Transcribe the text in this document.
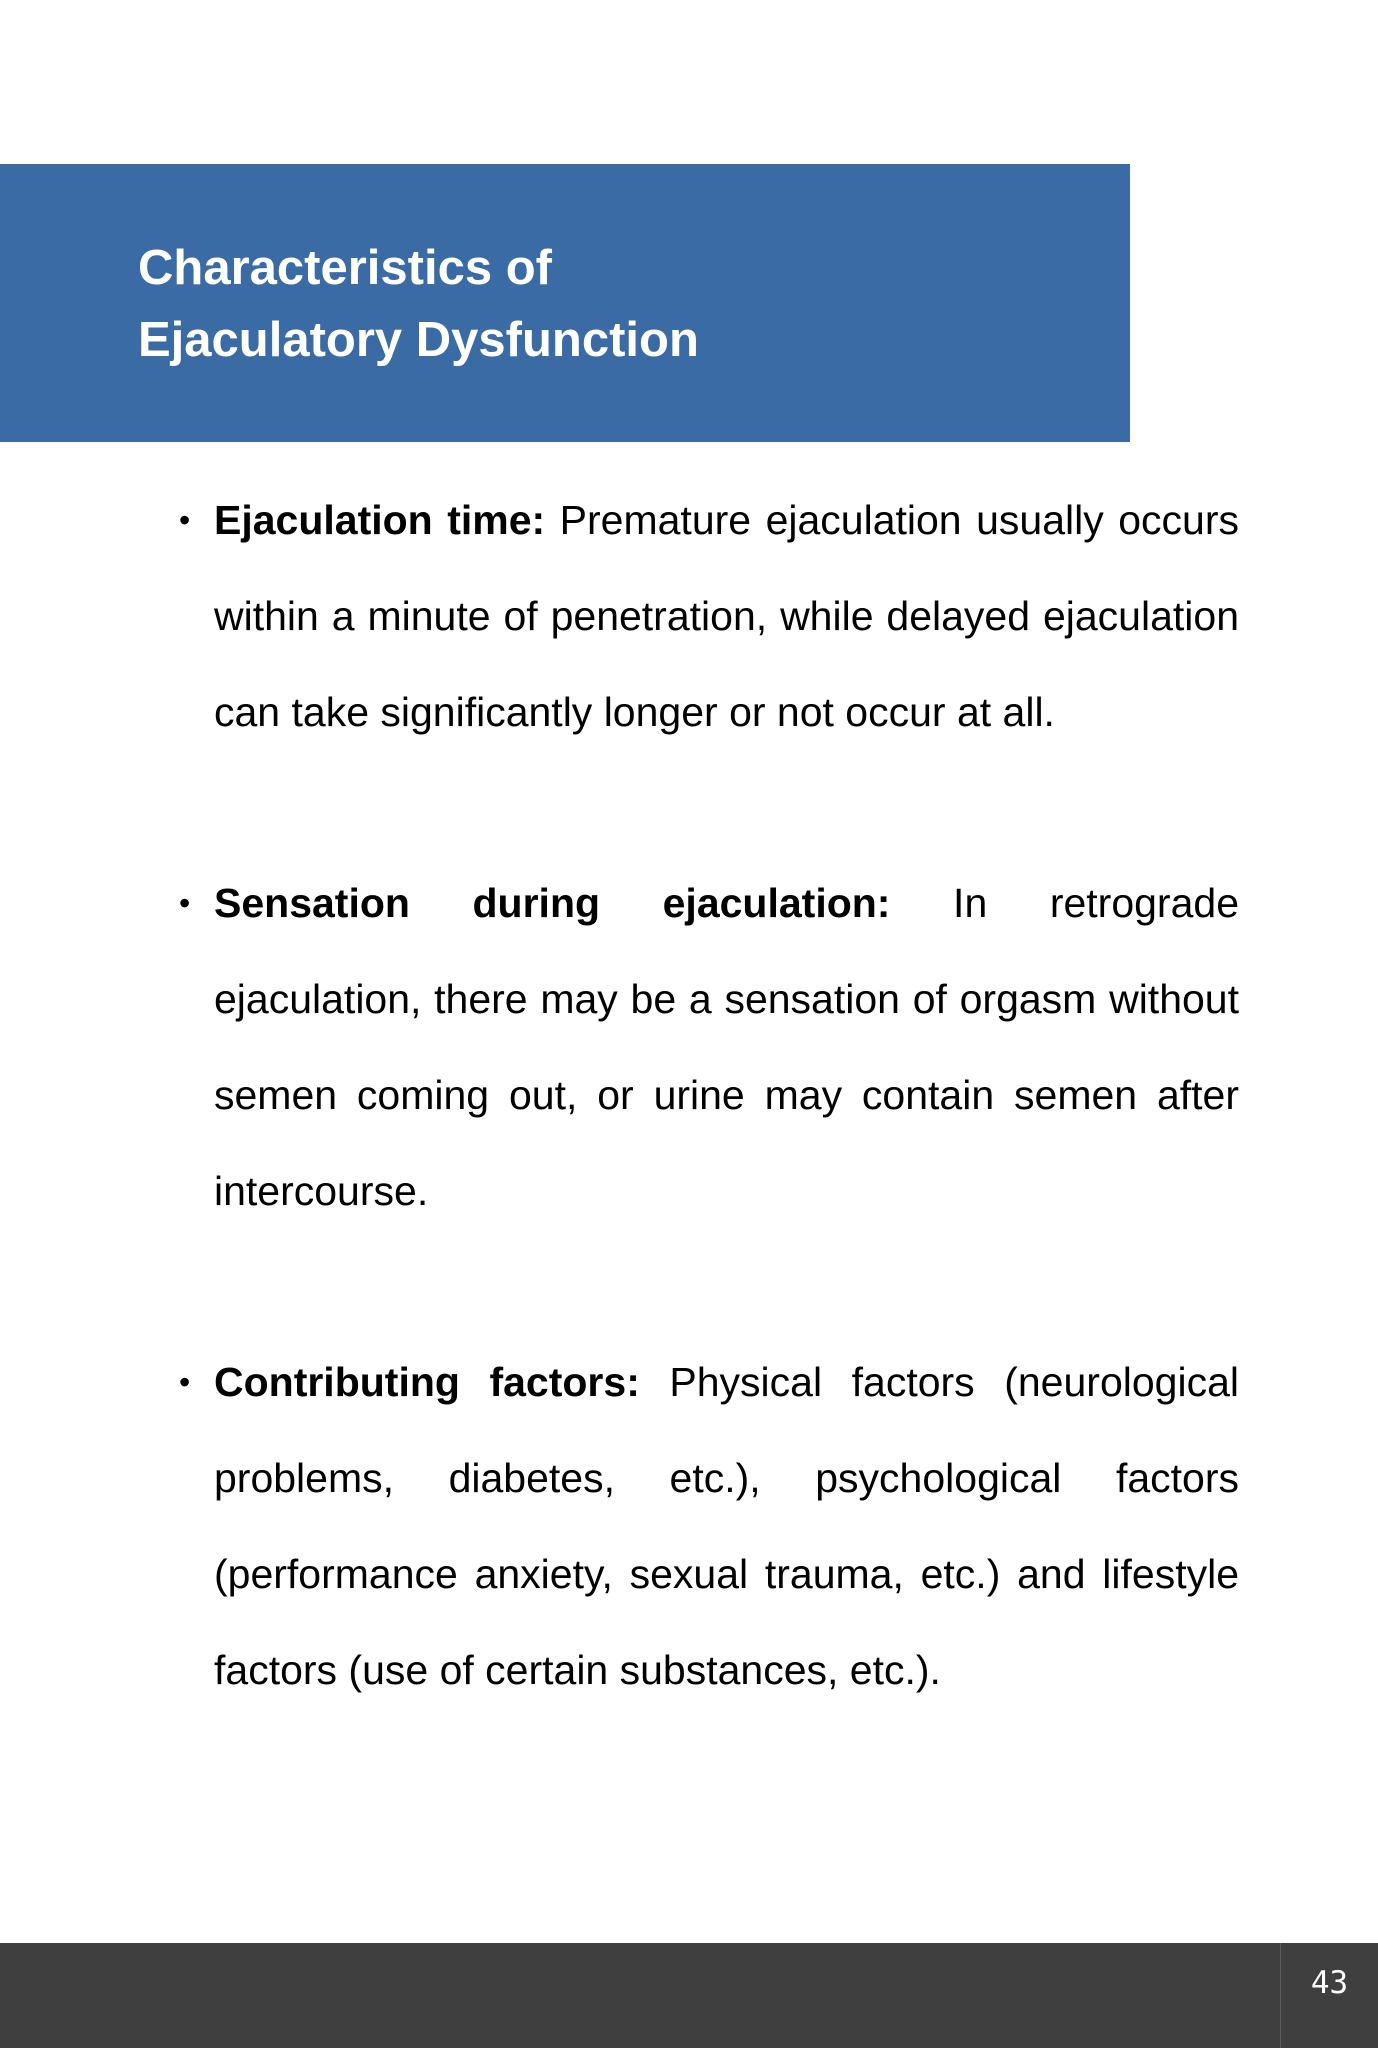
Characteristics of
Ejaculatory Dysfunction

• Ejaculation time: Premature ejaculation usually occurs within a minute of penetration, while delayed ejaculation can take significantly longer or not occur at all.

• Sensation during ejaculation: In retrograde ejaculation, there may be a sensation of orgasm without semen coming out, or urine may contain semen after intercourse.

• Contributing factors: Physical factors (neurological problems, diabetes, etc.), psychological factors (performance anxiety, sexual trauma, etc.) and lifestyle factors (use of certain substances, etc.).

43
